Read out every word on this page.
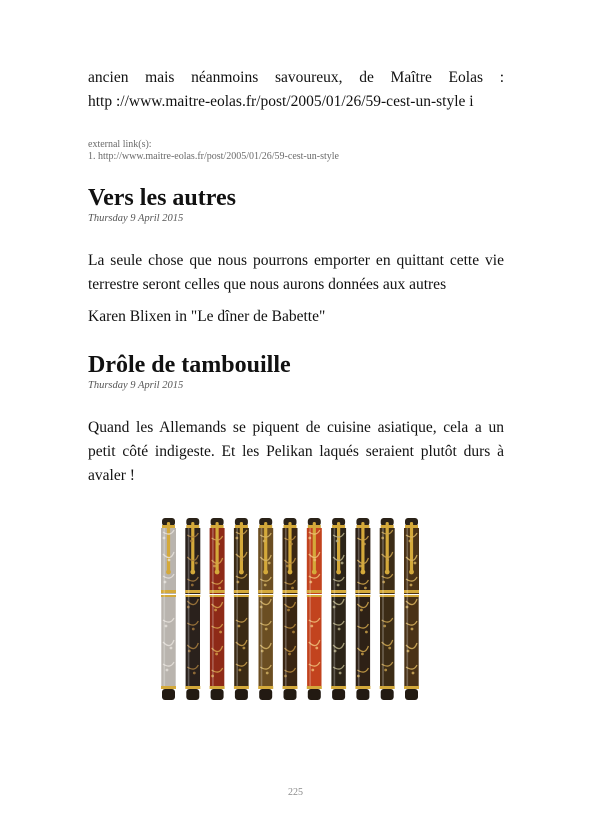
ancien mais néanmoins savoureux, de Maître Eolas :

http ://www.maitre-eolas.fr/post/2005/01/26/59-cest-un-style i

external link(s):
1. http://www.maitre-eolas.fr/post/2005/01/26/59-cest-un-style
Vers les autres
Thursday 9 April 2015

La seule chose que nous pourrons emporter en quittant cette vie terrestre seront celles que nous aurons données aux autres

Karen Blixen in "Le dîner de Babette"
Drôle de tambouille
Thursday 9 April 2015

Quand les Allemands se piquent de cuisine asiatique, cela a un petit côté indigeste. Et les Pelikan laqués seraient plutôt durs à avaler !

225
